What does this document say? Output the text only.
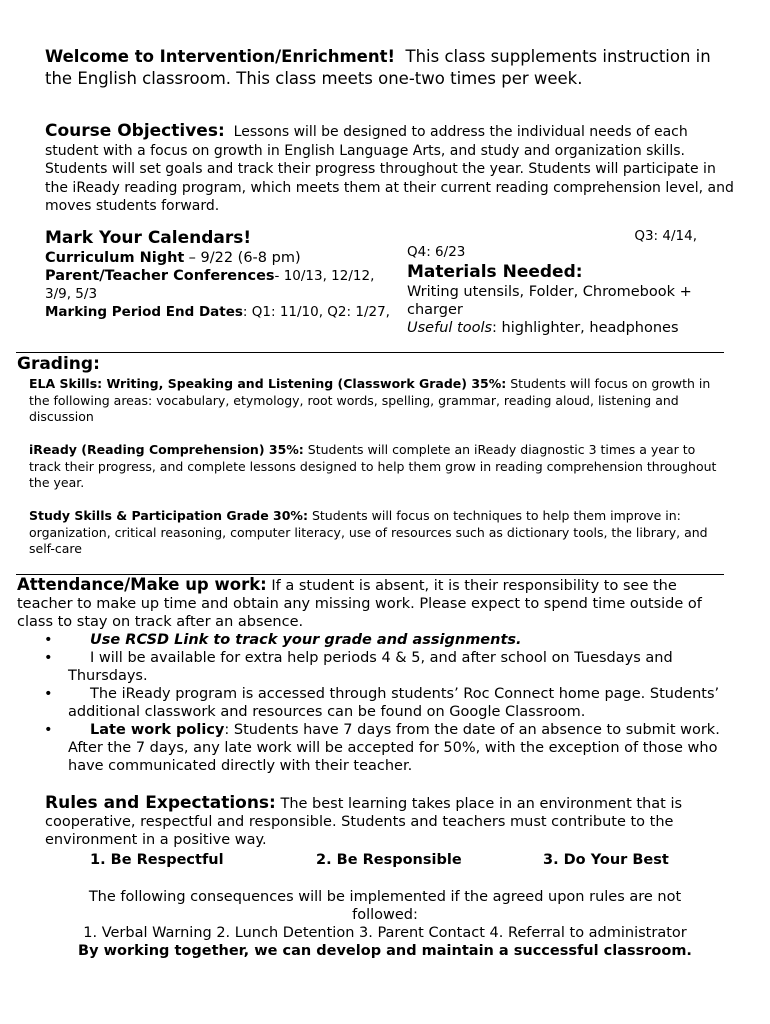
Welcome to Intervention/Enrichment! This class supplements instruction in the English classroom. This class meets one-two times per week.

Course Objectives: Lessons will be designed to address the individual needs of each student with a focus on growth in English Language Arts, and study and organization skills. Students will set goals and track their progress throughout the year. Students will participate in the iReady reading program, which meets them at their current reading comprehension level, and moves students forward.

Mark Your Calendars!
Curriculum Night – 9/22 (6-8 pm)
Parent/Teacher Conferences- 10/13, 12/12, 3/9, 5/3
Marking Period End Dates: Q1: 11/10, Q2: 1/27,
Q3: 4/14,
Q4: 6/23
Materials Needed:
Writing utensils, Folder, Chromebook + charger
Useful tools: highlighter, headphones
Grading:

ELA Skills: Writing, Speaking and Listening (Classwork Grade) 35%: Students will focus on growth in the following areas: vocabulary, etymology, root words, spelling, grammar, reading aloud, listening and discussion

iReady (Reading Comprehension) 35%: Students will complete an iReady diagnostic 3 times a year to track their progress, and complete lessons designed to help them grow in reading comprehension throughout the year.

Study Skills & Participation Grade 30%: Students will focus on techniques to help them improve in: organization, critical reasoning, computer literacy, use of resources such as dictionary tools, the library, and self-care

Attendance/Make up work: If a student is absent, it is their responsibility to see the teacher to make up time and obtain any missing work. Please expect to spend time outside of class to stay on track after an absence.

•	Use RCSD Link to track your grade and assignments.
•	I will be available for extra help periods 4 & 5, and after school on Tuesdays and Thursdays.
•	The iReady program is accessed through students’ Roc Connect home page. Students’ additional classwork and resources can be found on Google Classroom.
•	Late work policy: Students have 7 days from the date of an absence to submit work. After the 7 days, any late work will be accepted for 50%, with the exception of those who have communicated directly with their teacher.

Rules and Expectations: The best learning takes place in an environment that is cooperative, respectful and responsible. Students and teachers must contribute to the environment in a positive way.

1. Be Respectful	2. Be Responsible	3. Do Your Best

The following consequences will be implemented if the agreed upon rules are not followed:

1. Verbal Warning 2. Lunch Detention 3. Parent Contact 4. Referral to administrator

By working together, we can develop and maintain a successful classroom.
